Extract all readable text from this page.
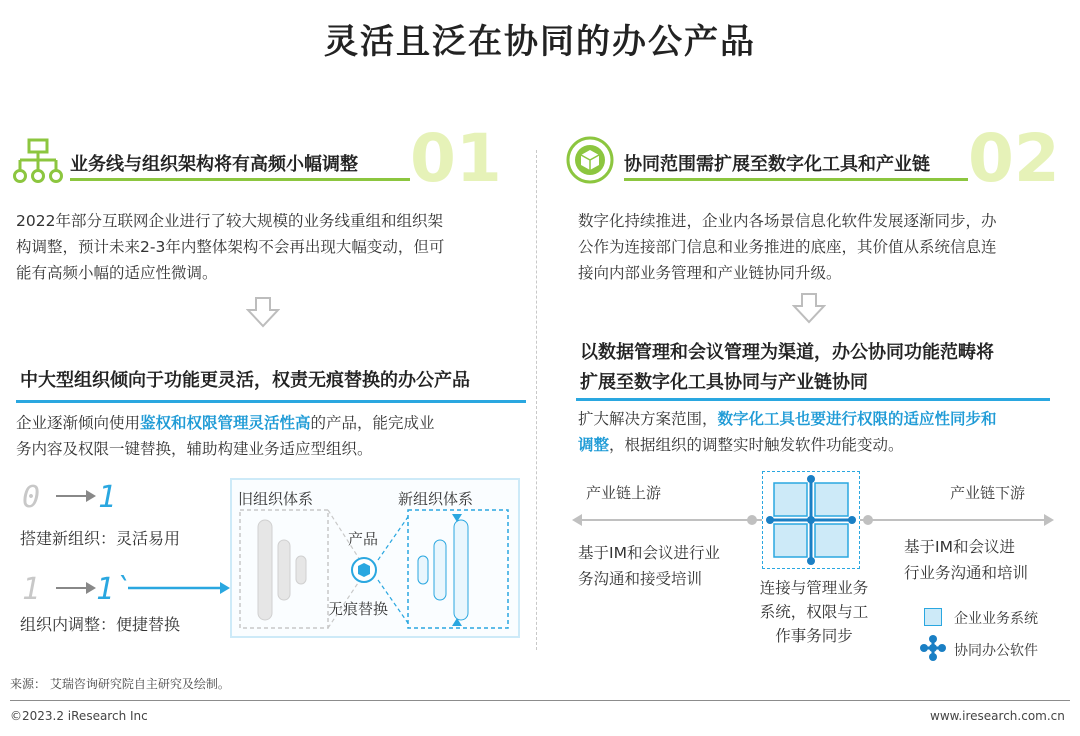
灵活且泛在协同的办公产品
业务线与组织架构将有高频小幅调整 01
2022年部分互联网企业进行了较大规模的业务线重组和组织架
构调整，预计未来2-3年内整体架构不会再出现大幅变动，但可
能有高频小幅的适应性微调。
中大型组织倾向于功能更灵活，权责无痕替换的办公产品
企业逐渐倾向使用鉴权和权限管理灵活性高的产品，能完成业
务内容及权限一键替换，辅助构建业务适应型组织。
0 1
搭建新组织：灵活易用
1 1`
组织内调整：便捷替换
旧组织体系	新组织体系
产品
无痕替换
协同范围需扩展至数字化工具和产业链 02
数字化持续推进，企业内各场景信息化软件发展逐渐同步，办
公作为连接部门信息和业务推进的底座，其价值从系统信息连
接向内部业务管理和产业链协同升级。
以数据管理和会议管理为渠道，办公协同功能范畴将
扩展至数字化工具协同与产业链协同
扩大解决方案范围，数字化工具也要进行权限的适应性同步和
调整，根据组织的调整实时触发软件功能变动。
产业链上游	产业链下游
基于IM和会议进行业
务沟通和接受培训
基于IM和会议进
行业务沟通和培训
连接与管理业务
系统，权限与工
作事务同步
企业业务系统
协同办公软件
来源： 艾瑞咨询研究院自主研究及绘制。
©2023.2 iResearch Inc	www.iresearch.com.cn
